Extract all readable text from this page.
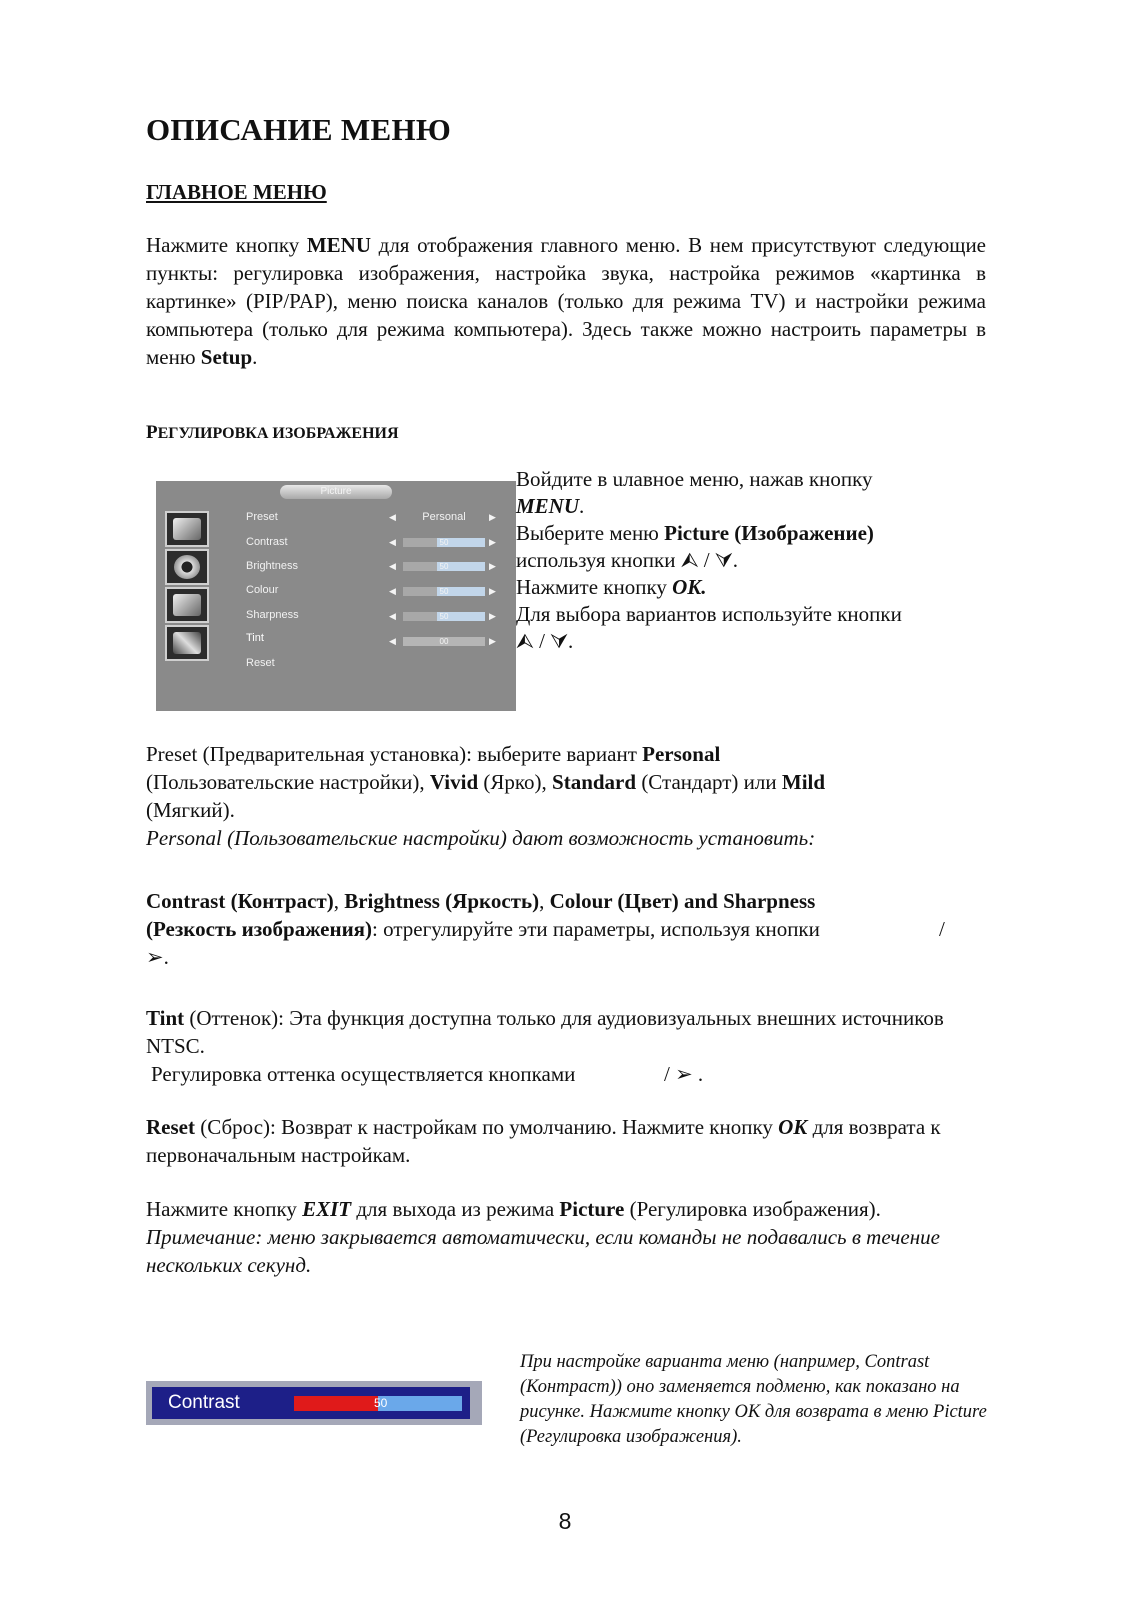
ОПИСАНИЕ МЕНЮ
ГЛАВНОЕ МЕНЮ
Нажмите кнопку MENU для отображения главного меню. В нем присутствуют следующие пункты: регулировка изображения, настройка звука, настройка режимов «картинка в картинке» (PIP/PAP), меню поиска каналов (только для режима TV) и настройки режима компьютера (только для режима компьютера). Здесь также можно настроить параметры в меню Setup.
РЕГУЛИРОВКА ИЗОБРАЖЕНИЯ
Picture
Preset	◀	Personal	▶
Contrast	◀	50	▶
Brightness	◀	50	▶
Colour	◀	50	▶
Sharpness	◀	50	▶
Tint	◀	00	▶
Reset
Войдите в uлавное меню, нажав кнопку
MENU.
Выберите меню Picture (Изображение)
используя кнопки ⮙ / ⮛.
Нажмите кнопку OK.
Для выбора вариантов используйте кнопки
⮙ / ⮛.
Preset (Предварительная установка): выберите вариант Personal
(Пользовательские настройки), Vivid (Ярко), Standard (Стандарт) или Mild
(Мягкий).
Personal (Пользовательские настройки) дают возможность установить:
Contrast (Контраст), Brightness (Яркость), Colour (Цвет) and Sharpness
(Резкость изображения): отрегулируйте эти параметры, используя кнопки	/
➢.
Tint (Оттенок): Эта функция доступна только для аудиовизуальных внешних источников NTSC.
Регулировка оттенка осуществляется кнопками	/ ➢ .
Reset (Сброс): Возврат к настройкам по умолчанию. Нажмите кнопку OK для возврата к первоначальным настройкам.
Нажмите кнопку EXIT для выхода из режима Picture (Регулировка изображения).
Примечание: меню закрывается автоматически, если команды не подавались в течение нескольких секунд.
Contrast	50
При настройке варианта меню (например, Contrast (Контраст)) оно заменяется подменю, как показано на рисунке. Нажмите кнопку OK для возврата в меню Picture (Регулировка изображения).
8
